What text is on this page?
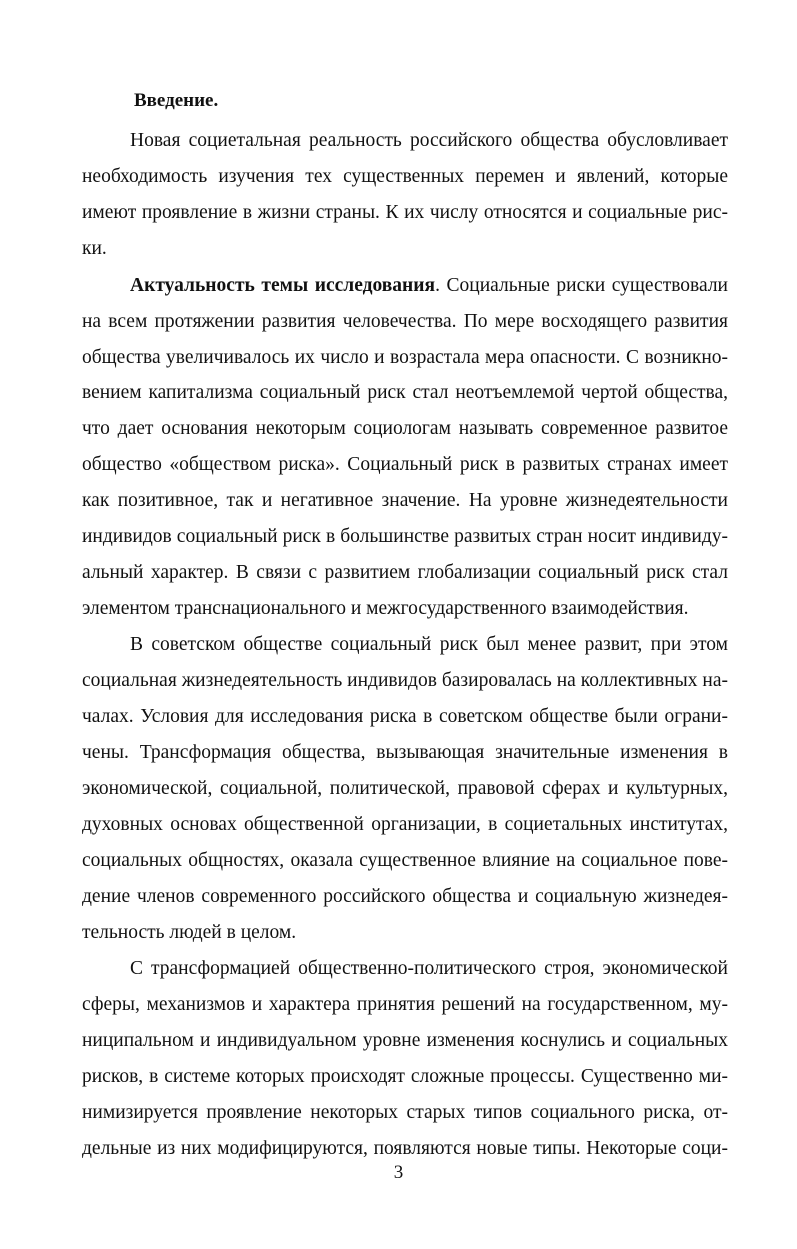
Введение.
Новая социетальная реальность российского общества обусловливает
необходимость изучения тех существенных перемен и явлений, которые
имеют проявление в жизни страны. К их числу относятся и социальные рис-
ки.
Актуальность темы исследования. Социальные риски существовали
на всем протяжении развития человечества. По мере восходящего развития
общества увеличивалось их число и возрастала мера опасности. С возникно-
вением капитализма социальный риск стал неотъемлемой чертой общества,
что дает основания некоторым социологам называть современное развитое
общество «обществом риска». Социальный риск в развитых странах имеет
как позитивное, так и негативное значение. На уровне жизнедеятельности
индивидов социальный риск в большинстве развитых стран носит индивиду-
альный характер. В связи с развитием глобализации социальный риск стал
элементом транснационального и межгосударственного взаимодействия.
В советском обществе социальный риск был менее развит, при этом
социальная жизнедеятельность индивидов базировалась на коллективных на-
чалах. Условия для исследования риска в советском обществе были ограни-
чены. Трансформация общества, вызывающая значительные изменения в
экономической, социальной, политической, правовой сферах и культурных,
духовных основах общественной организации, в социетальных институтах,
социальных общностях, оказала существенное влияние на социальное пове-
дение членов современного российского общества и социальную жизнедея-
тельность людей в целом.
С трансформацией общественно-политического строя, экономической
сферы, механизмов и характера принятия решений на государственном, му-
ниципальном и индивидуальном уровне изменения коснулись и социальных
рисков, в системе которых происходят сложные процессы. Существенно ми-
нимизируется проявление некоторых старых типов социального риска, от-
дельные из них модифицируются, появляются новые типы. Некоторые соци-
3
